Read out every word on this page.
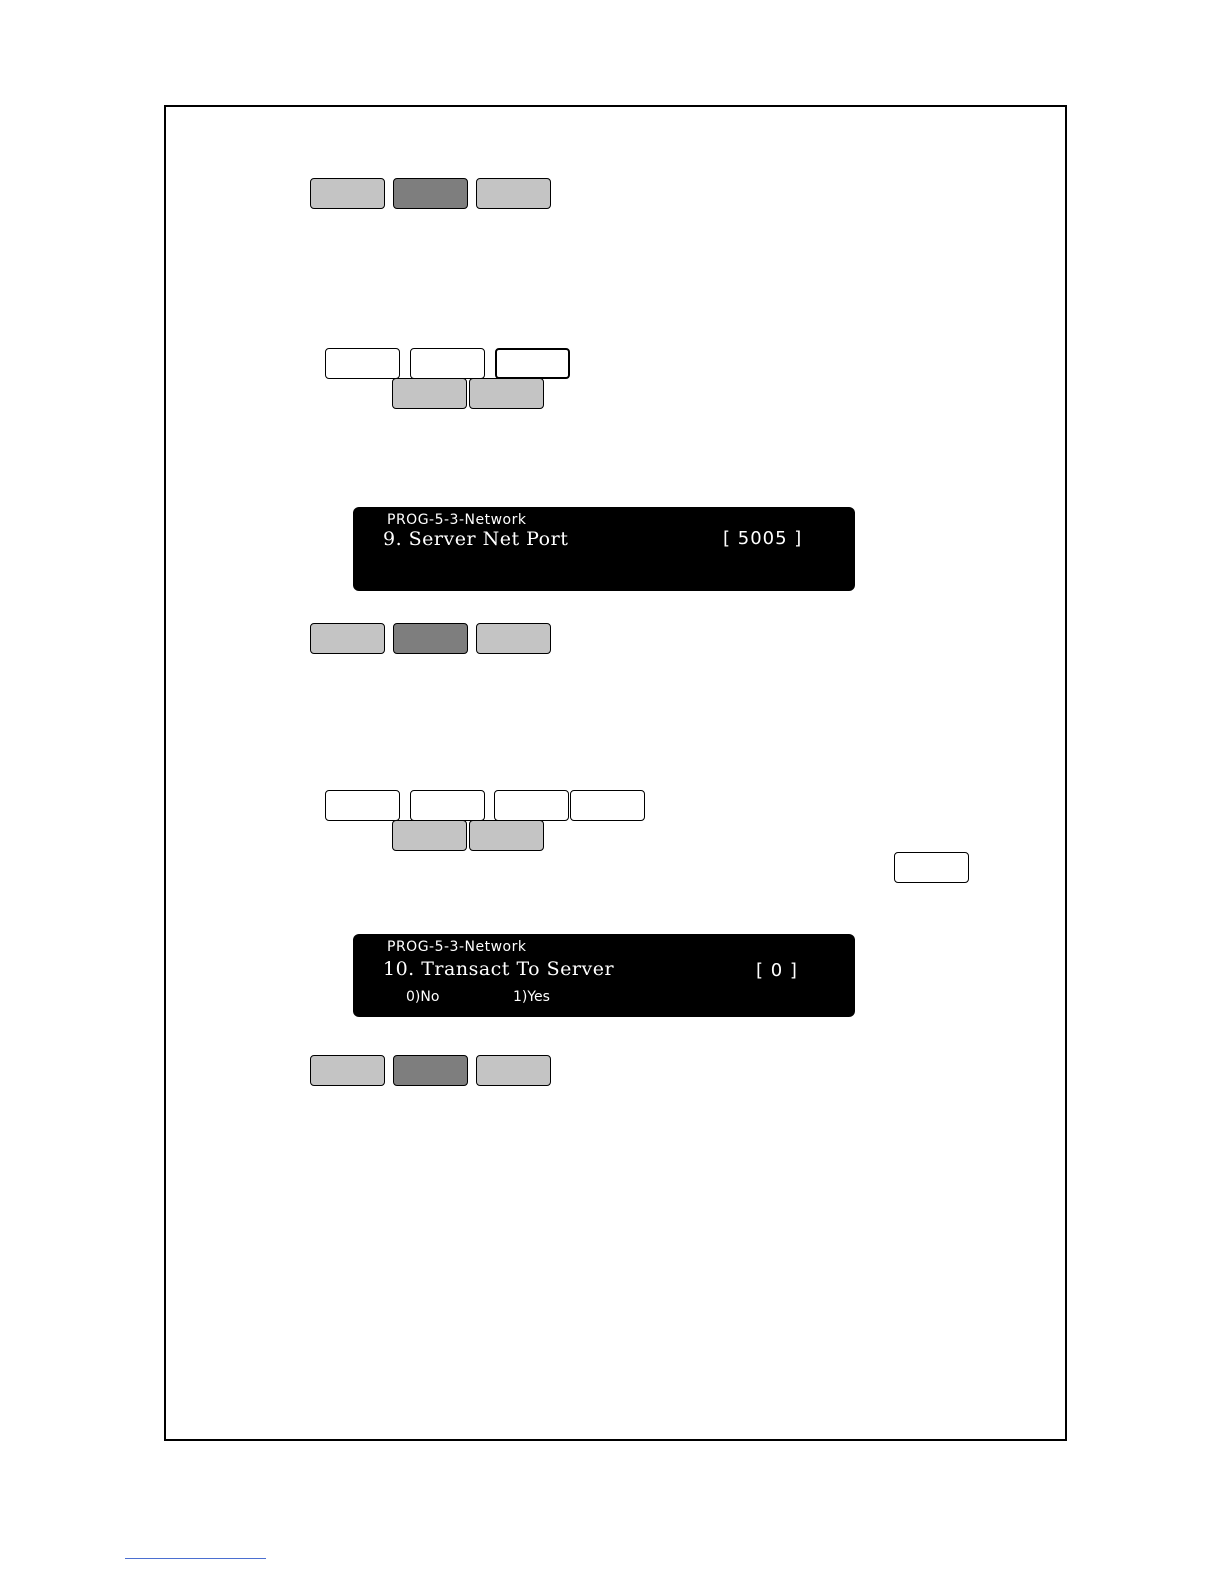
PROG-5-3-Network
9. Server Net Port	[ 5005 ]
PROG-5-3-Network
10. Transact To Server	[ 0 ]
0)No	1)Yes
